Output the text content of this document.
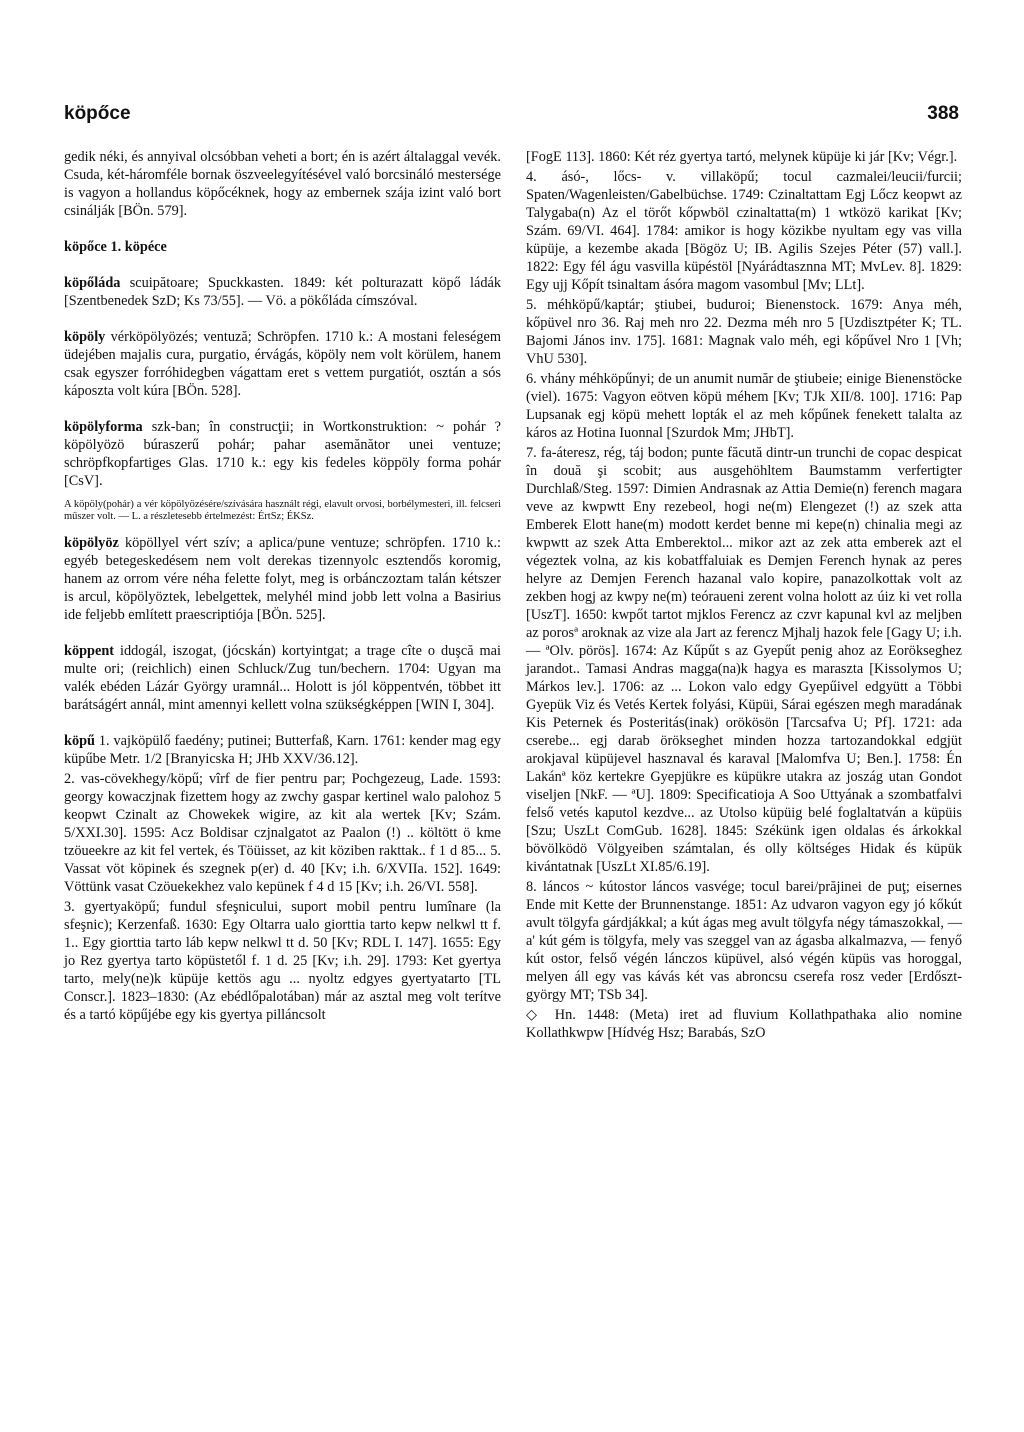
köpőce	388

gedik néki, és annyival olcsóbban veheti a bort; én is azért általaggal vevék. Csuda, két-háromféle bornak öszveelegyítésével való borcsináló mestersége is vagyon a hollandus köpőcéknek, hogy az embernek szája izint való bort csinálják [BÖn. 579].

köpőce 1. köpéce

köpőláda scuipătoare; Spuckkasten. 1849: két polturazatt köpő ládák [Szentbenedek SzD; Ks 73/55]. — Vö. a pökőláda címszóval.

köpöly vérköpölyözés; ventuză; Schröpfen. 1710 k.: A mostani feleségem üdejében majalis cura, purgatio, érvágás, köpöly nem volt körülem, hanem csak egyszer forróhidegben vágattam eret s vettem purgatiót, osztán a sós káposzta volt kúra [BÖn. 528].

köpölyforma szk-ban; în construcţii; in Wortkonstruktion: ~ pohár ? köpölyözö búraszerű pohár; pahar asemănător unei ventuze; schröpfkopfartiges Glas. 1710 k.: egy kis fedeles köppöly forma pohár [CsV].

A köpöly(pohár) a vér köpölyözésére/szívására használt régi, elavult orvosi, borbélymesteri, ill. felcseri műszer volt. — L. a részletesebb értelmezést: ÉrtSz; ÉKSz.

köpölyöz köpöllyel vért szív; a aplica/pune ventuze; schröpfen. 1710 k.: egyéb betegeskedésem nem volt derekas tizennyolc esztendős koromig, hanem az orrom vére néha felette folyt, meg is orbánczoztam talán kétszer is arcul, köpölyöztek, lebelgettek, melyhél mind jobb lett volna a Basirius ide feljebb említett praescriptiója [BÖn. 525].

köppent iddogál, iszogat, (jócskán) kortyintgat; a trage cîte o duşcă mai multe ori; (reichlich) einen Schluck/Zug tun/bechern. 1704: Ugyan ma valék ebéden Lázár György uramnál... Holott is jól köppentvén, többet itt barátságért annál, mint amennyi kellett volna szükségképpen [WIN I, 304].

köpű 1. vajköpülő faedény; putinei; Butterfaß, Karn. 1761: kender mag egy küpűbe Metr. 1/2 [Branyicska H; JHb XXV/36.12].

2. vas-cövekhegy/köpű; vîrf de fier pentru par; Pochgezeug, Lade. 1593: georgy kowaczjnak fizettem hogy az zwchy gaspar kertinel walo palohoz 5 keopwt Czinalt az Chowekek wigire, az kit ala wertek [Kv; Szám. 5/XXI.30]. 1595: Acz Boldisar czjnalgatot az Paalon (!) .. költött ö kme tzöueekre az kit fel vertek, és Töüisset, az kit köziben rakttak.. f 1 d 85... 5. Vassat vöt köpinek és szegnek p(er) d. 40 [Kv; i.h. 6/XVIIa. 152]. 1649: Vöttünk vasat Czöuekekhez valo kepünek f 4 d 15 [Kv; i.h. 26/VI. 558].

3. gyertyaköpű; fundul sfeşnicului, suport mobil pentru lumînare (la sfeşnic); Kerzenfaß. 1630: Egy Oltarra ualo giorttia tarto kepw nelkwl tt f. 1.. Egy giorttia tarto láb kepw nelkwl tt d. 50 [Kv; RDL I. 147]. 1655: Egy jo Rez gyertya tarto köpüstetől f. 1 d. 25 [Kv; i.h. 29]. 1793: Ket gyertya tarto, mely(ne)k küpüje kettös agu ... nyoltz edgyes gyertyatarto [TL Conscr.]. 1823–1830: (Az ebédlőpalotában) már az asztal meg volt terítve és a tartó köpűjébe egy kis gyertya pilláncsolt

[FogE 113]. 1860: Két réz gyertya tartó, melynek küpüje ki jár [Kv; Végr.].

4. ásó-, lőcs- v. villaköpű; tocul cazmalei/leucii/furcii; Spaten/Wagenleisten/Gabelbüchse. 1749: Czinaltattam Egj Lőcz keopwt az Talygaba(n) Az el törőt kőpwböl czinaltatta(m) 1 wtközö karikat [Kv; Szám. 69/VI. 464]. 1784: amikor is hogy közikbe nyultam egy vas villa küpüje, a kezembe akada [Bögöz U; IB. Agilis Szejes Péter (57) vall.]. 1822: Egy fél águ vasvilla küpéstöl [Nyárádtasznna MT; MvLev. 8]. 1829: Egy ujj Kőpít tsinaltam ásóra magom vasombul [Mv; LLt].

5. méhköpű/kaptár; ştiubei, buduroi; Bienenstock. 1679: Anya méh, kőpüvel nro 36. Raj meh nro 22. Dezma méh nro 5 [Uzdisztpéter K; TL. Bajomi János inv. 175]. 1681: Magnak valo méh, egi kőpűvel Nro 1 [Vh; VhU 530].

6. vhány méhköpűnyi; de un anumit număr de ştiubeie; einige Bienenstöcke (viel). 1675: Vagyon eötven köpü méhem [Kv; TJk XII/8. 100]. 1716: Pap Lupsanak egj köpü mehett lopták el az meh kőpűnek fenekett talalta az káros az Hotina Iuonnal [Szurdok Mm; JHbT].

7. fa-áteresz, rég, táj bodon; punte făcută dintr-un trunchi de copac despicat în două şi scobit; aus ausgehöhltem Baumstamm verfertigter Durchlaß/Steg. 1597: Dimien Andrasnak az Attia Demie(n) ferench magara veve az kwpwtt Eny rezebeol, hogi ne(m) Elengezet (!) az szek atta Emberek Elott hane(m) modott kerdet benne mi kepe(n) chinalia megi az kwpwtt az szek Atta Emberektol... mikor azt az zek atta emberek azt el végeztek volna, az kis kobatffaluiak es Demjen Ferench hynak az peres helyre az Demjen Ferench hazanal valo kopire, panazolkottak volt az zekben hogj az kwpy ne(m) teóraueni zerent volna holott az úiz ki vet rolla [UszT]. 1650: kwpőt tartot mjklos Ferencz az czvr kapunal kvl az meljben az porosª aroknak az vize ala Jart az ferencz Mjhalj hazok fele [Gagy U; i.h. — ªOlv. pörös]. 1674: Az Kűpűt s az Gyepűt penig ahoz az Eorökseghez jarandot.. Tamasi Andras magga(na)k hagya es maraszta [Kissolymos U; Márkos lev.]. 1706: az ... Lokon valo edgy Gyepűivel edgyütt a Többi Gyepük Viz és Vetés Kertek folyási, Küpüi, Sárai egészen megh maradának Kis Peternek és Posteritás(inak) orökösön [Tarcsafva U; Pf]. 1721: ada cserebe... egj darab örökseghet minden hozza tartozandokkal edgjüt arokjaval küpüjevel hasznaval és karaval [Malomfva U; Ben.]. 1758: Én Lakánª köz kertekre Gyepjükre es küpükre utakra az joszág utan Gondot viseljen [NkF. — ªU]. 1809: Specificatioja A Soo Uttyának a szombatfalvi felső vetés kaputol kezdve... az Utolso küpüig belé foglaltatván a küpüis [Szu; UszLt ComGub. 1628]. 1845: Székünk igen oldalas és árkokkal bövölködö Völgyeiben számtalan, és olly költséges Hidak és küpük kivántatnak [UszLt XI.85/6.19].

8. láncos ~ kútostor láncos vasvége; tocul barei/prăjinei de puţ; eisernes Ende mit Kette der Brunnenstange. 1851: Az udvaron vagyon egy jó kőkút avult tölgyfa gárdjákkal; a kút ágas meg avult tölgyfa négy támaszokkal, — a' kút gém is tölgyfa, mely vas szeggel van az ágasba alkalmazva, — fenyő kút ostor, felső végén lánczos küpüvel, alsó végén küpüs vas horoggal, melyen áll egy vas kávás két vas abroncsu cserefa rosz veder [Erdősztgyörgy MT; TSb 34].

◇ Hn. 1448: (Meta) iret ad fluvium Kollathpathaka alio nomine Kollathkwpw [Hídvég Hsz; Barabás, SzO
